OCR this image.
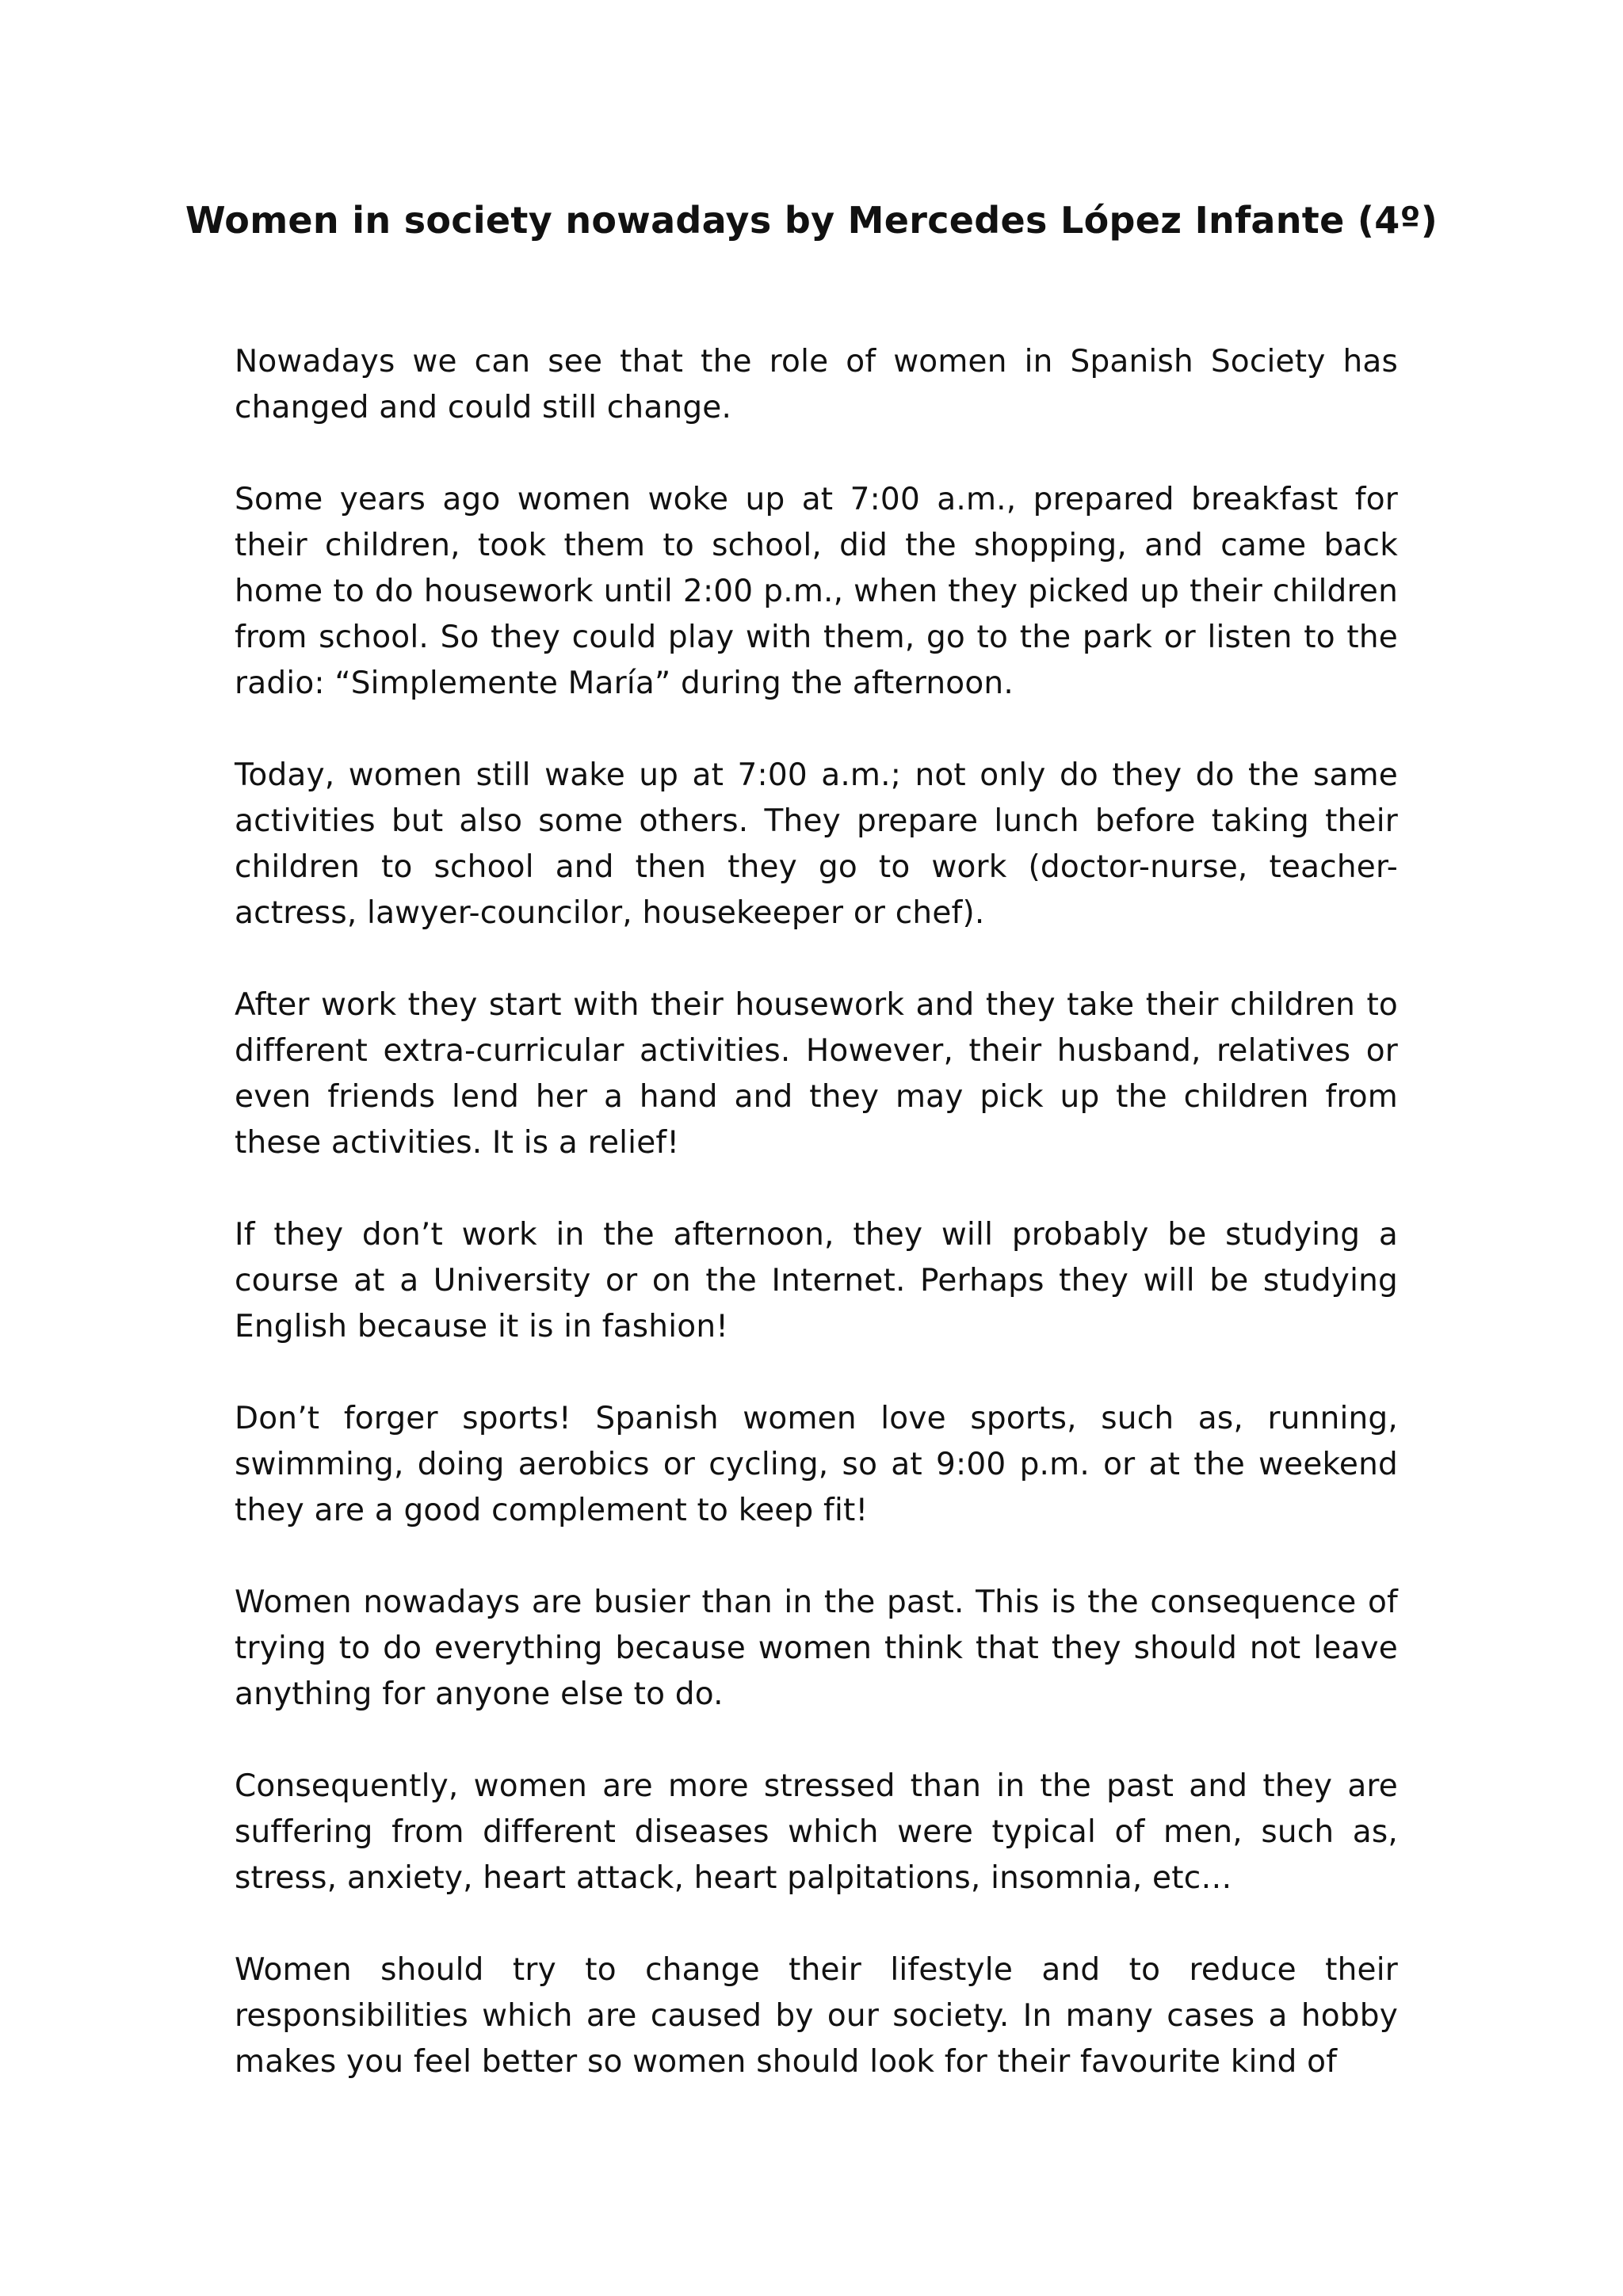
Women in society nowadays by Mercedes López Infante (4º)

Nowadays we can see that the role of women in Spanish Society has changed and could still change.

Some years ago women woke up at 7:00 a.m., prepared breakfast for their children, took them to school, did the shopping, and came back home to do housework until 2:00 p.m., when they picked up their children from school. So they could play with them, go to the park or listen to the radio: “Simplemente María” during the afternoon.

Today, women still wake up at 7:00 a.m.; not only do they do the same activities but also some others. They prepare lunch before taking their children to school and then they go to work (doctor-nurse, teacher-actress, lawyer-councilor, housekeeper or chef).

After work they start with their housework and they take their children to different extra-curricular activities. However, their husband, relatives or even friends lend her a hand and they may pick up the children from these activities. It is a relief!

If they don’t work in the afternoon, they will probably be studying a course at a University or on the Internet. Perhaps they will be studying English because it is in fashion!

Don’t forger sports! Spanish women love sports, such as, running, swimming, doing aerobics or cycling, so at 9:00 p.m. or at the weekend they are a good complement to keep fit!

Women nowadays are busier than in the past. This is the consequence of trying to do everything because women think that they should not leave anything for anyone else to do.

Consequently, women are more stressed than in the past and they are suffering from different diseases which were typical of men, such as, stress, anxiety, heart attack, heart palpitations, insomnia, etc…

Women should try to change their lifestyle and to reduce their responsibilities which are caused by our society. In many cases a hobby makes you feel better so women should look for their favourite kind of
